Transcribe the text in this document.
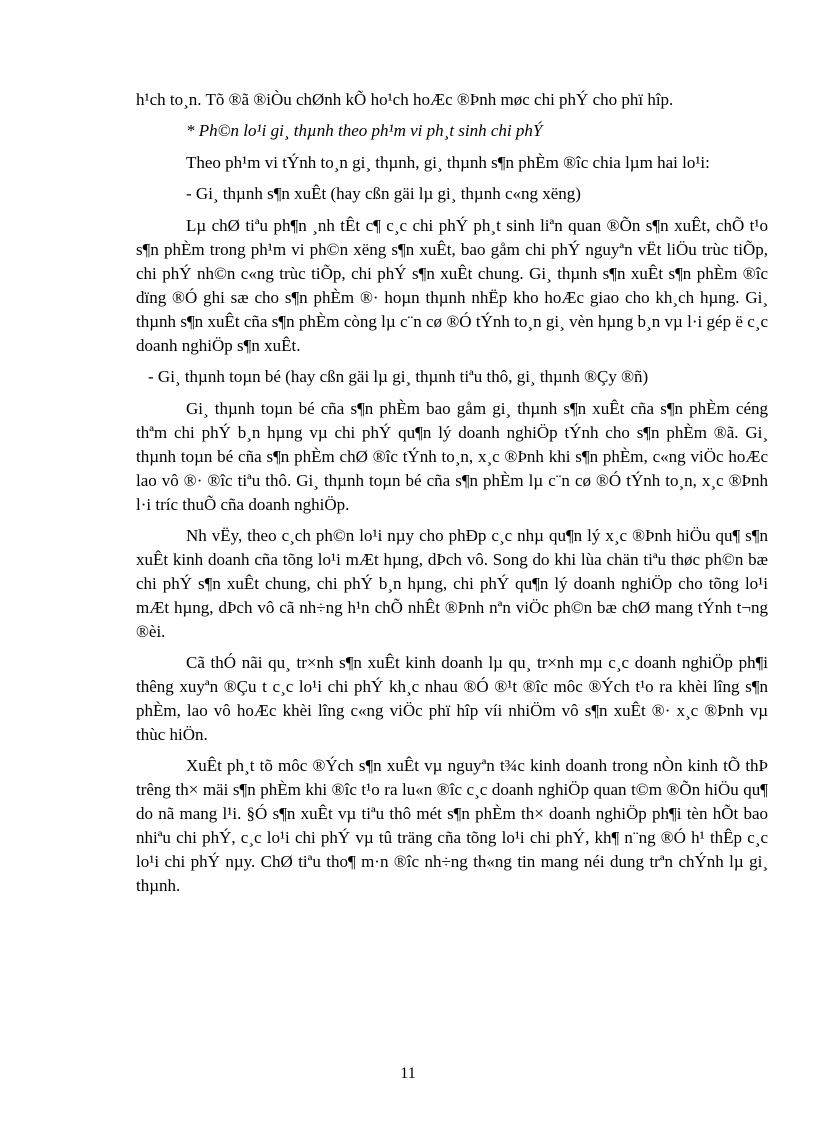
h¹ch to¸n. Tõ ®ã ®iÒu chØnh kÕ ho¹ch hoÆc ®Þnh møc chi phÝ cho phï hîp.

* Ph©n lo¹i gi¸ thµnh theo ph¹m vi ph¸t sinh chi phÝ

Theo ph¹m vi tÝnh to¸n gi¸ thµnh, gi¸ thµnh s¶n phÈm ®îc chia lµm hai lo¹i:

- Gi¸ thµnh s¶n xuÊt (hay cßn gäi lµ gi¸ thµnh c«ng xëng)

Lµ chØ tiªu ph¶n ¸nh tÊt c¶ c¸c chi phÝ ph¸t sinh liªn quan ®Õn s¶n xuÊt, chÕ t¹o s¶n phÈm trong ph¹m vi ph©n xëng s¶n xuÊt, bao gåm chi phÝ nguyªn vËt liÖu trùc tiÕp, chi phÝ nh©n c«ng trùc tiÕp, chi phÝ s¶n xuÊt chung. Gi¸ thµnh s¶n xuÊt s¶n phÈm ®îc dïng ®Ó ghi sæ cho s¶n phÈm ®· hoµn thµnh nhËp kho hoÆc giao cho kh¸ch hµng. Gi¸ thµnh s¶n xuÊt cña s¶n phÈm còng lµ c¨n cø ®Ó tÝnh to¸n gi¸ vèn hµng b¸n vµ l·i gép ë c¸c doanh nghiÖp s¶n xuÊt.

- Gi¸ thµnh toµn bé (hay cßn gäi lµ gi¸ thµnh tiªu thô, gi¸ thµnh ®Çy ®ñ)

Gi¸ thµnh toµn bé cña s¶n phÈm bao gåm gi¸ thµnh s¶n xuÊt cña s¶n phÈm céng thªm chi phÝ b¸n hµng vµ chi phÝ qu¶n lý doanh nghiÖp tÝnh cho s¶n phÈm ®ã. Gi¸ thµnh toµn bé cña s¶n phÈm chØ ®îc tÝnh to¸n, x¸c ®Þnh khi s¶n phÈm, c«ng viÖc hoÆc lao vô ®· ®îc tiªu thô. Gi¸ thµnh toµn bé cña s¶n phÈm lµ c¨n cø ®Ó tÝnh to¸n, x¸c ®Þnh l·i tríc thuÕ cña doanh nghiÖp.

Nh vËy, theo c¸ch ph©n lo¹i nµy cho phÐp c¸c nhµ qu¶n lý x¸c ®Þnh hiÖu qu¶ s¶n xuÊt kinh doanh cña tõng lo¹i mÆt hµng, dÞch vô. Song do khi lùa chän tiªu thøc ph©n bæ chi phÝ s¶n xuÊt chung, chi phÝ b¸n hµng, chi phÝ qu¶n lý doanh nghiÖp cho tõng lo¹i mÆt hµng, dÞch vô cã nh÷ng h¹n chÕ nhÊt ®Þnh nªn viÖc ph©n bæ chØ mang tÝnh t¬ng ®èi.

Cã thÓ nãi qu¸ tr×nh s¶n xuÊt kinh doanh lµ qu¸ tr×nh mµ c¸c doanh nghiÖp ph¶i thêng xuyªn ®Çu t c¸c lo¹i chi phÝ kh¸c nhau ®Ó ®¹t ®îc môc ®Ých t¹o ra khèi lîng s¶n phÈm, lao vô hoÆc khèi lîng c«ng viÖc phï hîp víi nhiÖm vô s¶n xuÊt ®· x¸c ®Þnh vµ thùc hiÖn.

XuÊt ph¸t tõ môc ®Ých s¶n xuÊt vµ nguyªn t¾c kinh doanh trong nÒn kinh tÕ thÞ trêng th× mäi s¶n phÈm khi ®îc t¹o ra lu«n ®îc c¸c doanh nghiÖp quan t©m ®Õn hiÖu qu¶ do nã mang l¹i. §Ó s¶n xuÊt vµ tiªu thô mét s¶n phÈm th× doanh nghiÖp ph¶i tèn hÕt bao nhiªu chi phÝ, c¸c lo¹i chi phÝ vµ tû träng cña tõng lo¹i chi phÝ, kh¶ n¨ng ®Ó h¹ thÊp c¸c lo¹i chi phÝ nµy. ChØ tiªu tho¶ m·n ®îc nh÷ng th«ng tin mang néi dung trªn chÝnh lµ gi¸ thµnh.

11
